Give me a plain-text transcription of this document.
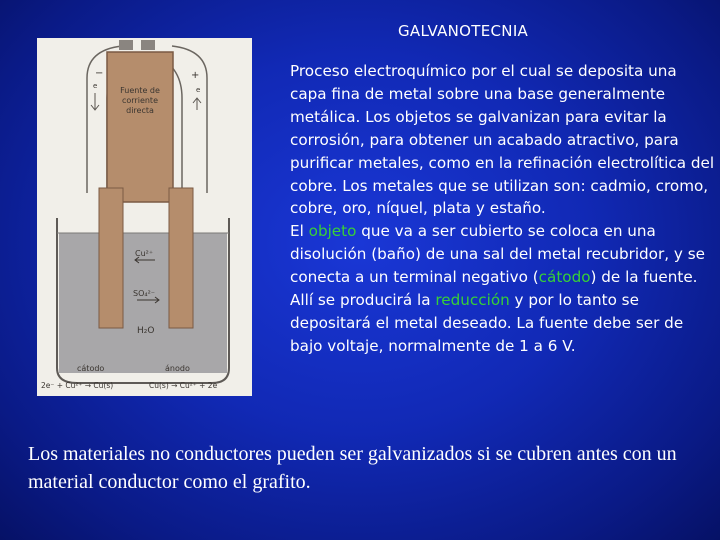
GALVANOTECNIA
Fuente de
corriente
directa
−	+
e	e
Cu²⁺
SO₄²⁻
H₂O
cátodo	ánodo
2e⁻ + Cu²⁺ → Cu(s)	Cu(s) → Cu²⁺ + 2e

Proceso electroquímico por el cual se deposita una capa fina de metal sobre una base generalmente metálica. Los objetos se galvanizan para evitar la corrosión, para obtener un acabado atractivo, para purificar metales, como en la refinación electrolítica del cobre. Los metales que se utilizan son: cadmio, cromo, cobre, oro, níquel, plata y estaño.

El objeto que va a ser cubierto se coloca en una disolución (baño) de una sal del metal recubridor, y se conecta a un terminal negativo (cátodo) de la fuente. Allí se producirá la reducción y por lo tanto se depositará el metal deseado. La fuente debe ser de bajo voltaje, normalmente de 1 a 6 V.

Los materiales no conductores pueden ser galvanizados si se cubren antes con un material conductor como el grafito.
